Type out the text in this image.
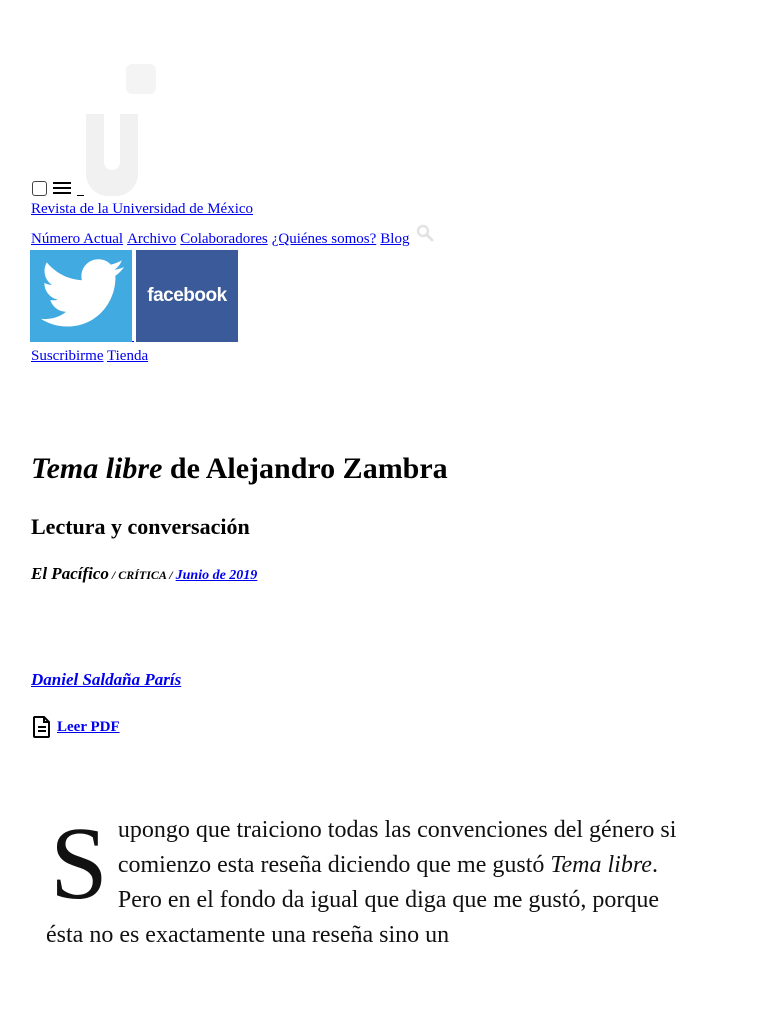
Revista de la Universidad de México
Número Actual Archivo Colaboradores ¿Quiénes somos? Blog
facebook
Suscribirme Tienda
Tema libre de Alejandro Zambra
Lectura y conversación
El Pacífico / CRÍTICA / Junio de 2019
Daniel Saldaña París
Leer PDF
Supongo que traiciono todas las convenciones del género si comienzo esta reseña diciendo que me gustó Tema libre. Pero en el fondo da igual que diga que me gustó, porque ésta no es exactamente una reseña sino un
